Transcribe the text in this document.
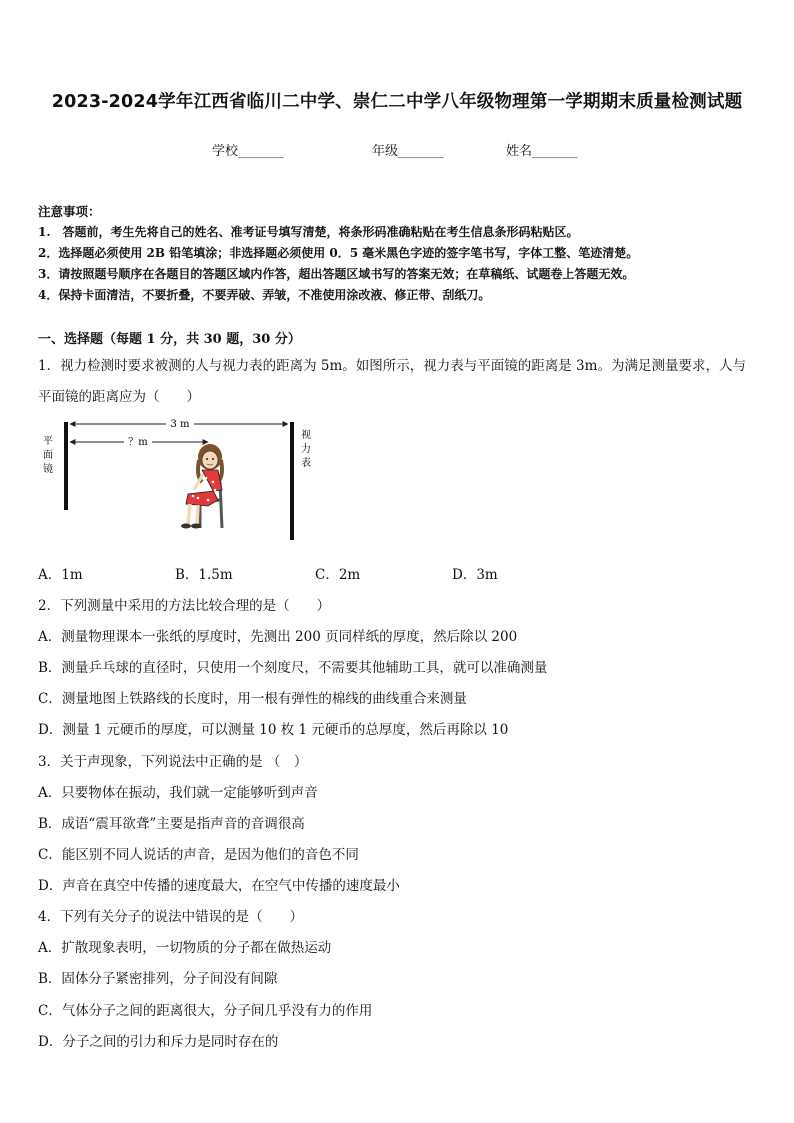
2023-2024学年江西省临川二中学、崇仁二中学八年级物理第一学期期末质量检测试题
学校_______	年级_______	姓名_______
注意事项：
1.　答题前，考生先将自己的姓名、准考证号填写清楚，将条形码准确粘贴在考生信息条形码粘贴区。
2．选择题必须使用 2B 铅笔填涂；非选择题必须使用 0．5 毫米黑色字迹的签字笔书写，字体工整、笔迹清楚。
3．请按照题号顺序在各题目的答题区域内作答，超出答题区域书写的答案无效；在草稿纸、试题卷上答题无效。
4．保持卡面清洁，不要折叠，不要弄破、弄皱，不准使用涂改液、修正带、刮纸刀。
一、选择题（每题 1 分，共 30 题，30 分）
1．视力检测时要求被测的人与视力表的距离为 5m。如图所示，视力表与平面镜的距离是 3m。为满足测量要求，人与
平面镜的距离应为（　　）
3 m
？m
平
面
镜
视
力
表
A．1m	B．1.5m	C．2m	D．3m
2．下列测量中采用的方法比较合理的是（　　）
A．测量物理课本一张纸的厚度时，先测出 200 页同样纸的厚度，然后除以 200
B．测量乒乓球的直径时，只使用一个刻度尺，不需要其他辅助工具，就可以准确测量
C．测量地图上铁路线的长度时，用一根有弹性的棉线的曲线重合来测量
D．测量 1 元硬币的厚度，可以测量 10 枚 1 元硬币的总厚度，然后再除以 10
3．关于声现象，下列说法中正确的是 （　）
A．只要物体在振动，我们就一定能够听到声音
B．成语“震耳欲聋”主要是指声音的音调很高
C．能区别不同人说话的声音，是因为他们的音色不同
D．声音在真空中传播的速度最大，在空气中传播的速度最小
4．下列有关分子的说法中错误的是（　　）
A．扩散现象表明，一切物质的分子都在做热运动
B．固体分子紧密排列，分子间没有间隙
C．气体分子之间的距离很大，分子间几乎没有力的作用
D．分子之间的引力和斥力是同时存在的
